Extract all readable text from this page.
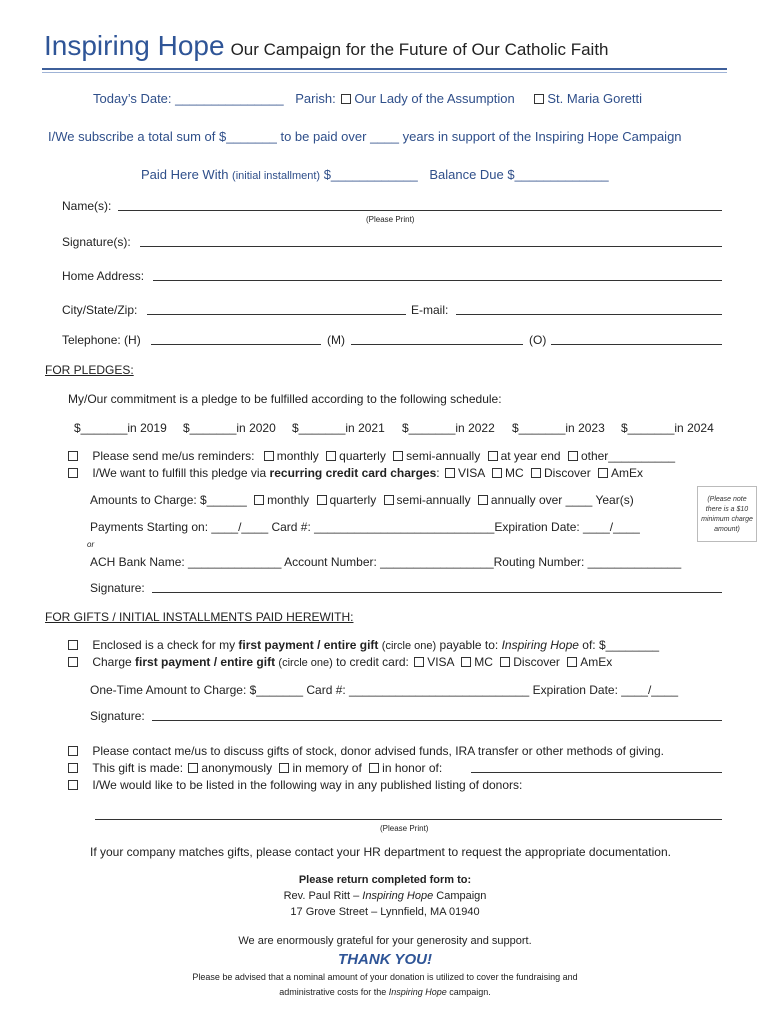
Inspiring Hope Our Campaign for the Future of Our Catholic Faith
Today’s Date: _______________ Parish: Our Lady of the Assumption	St. Maria Goretti
I/We subscribe a total sum of $_______ to be paid over ____ years in support of the Inspiring Hope Campaign
Paid Here With (initial installment) $____________ Balance Due $_____________
Name(s):
(Please Print)
Signature(s):
Home Address:
City/State/Zip:	E-mail:
Telephone: (H)	(M)	(O)
FOR PLEDGES:
My/Our commitment is a pledge to be fulfilled according to the following schedule:
$_______in 2019 $_______in 2020 $_______in 2021 $_______in 2022 $_______in 2023 $_______in 2024
Please send me/us reminders: monthly quarterly semi-annually at year end other__________
I/We want to fulfill this pledge via recurring credit card charges: VISA MC Discover AmEx
Amounts to Charge: $______ monthly quarterly semi-annually annually over ____ Year(s)	(Please note there is a $10 minimum charge amount)
Payments Starting on: ____/____ Card #: ___________________________Expiration Date: ____/____
or
ACH Bank Name: ______________ Account Number: _________________Routing Number: ______________
Signature:
FOR GIFTS / INITIAL INSTALLMENTS PAID HEREWITH:
Enclosed is a check for my first payment / entire gift (circle one) payable to: Inspiring Hope of: $________
Charge first payment / entire gift (circle one) to credit card: VISA MC Discover AmEx
One-Time Amount to Charge: $_______ Card #: ___________________________ Expiration Date: ____/____
Signature:
Please contact me/us to discuss gifts of stock, donor advised funds, IRA transfer or other methods of giving.
This gift is made: anonymously in memory of in honor of:
I/We would like to be listed in the following way in any published listing of donors:
(Please Print)
If your company matches gifts, please contact your HR department to request the appropriate documentation.
Please return completed form to:
Rev. Paul Ritt – Inspiring Hope Campaign
17 Grove Street – Lynnfield, MA 01940
We are enormously grateful for your generosity and support.
THANK YOU!
Please be advised that a nominal amount of your donation is utilized to cover the fundraising and
administrative costs for the Inspiring Hope campaign.
